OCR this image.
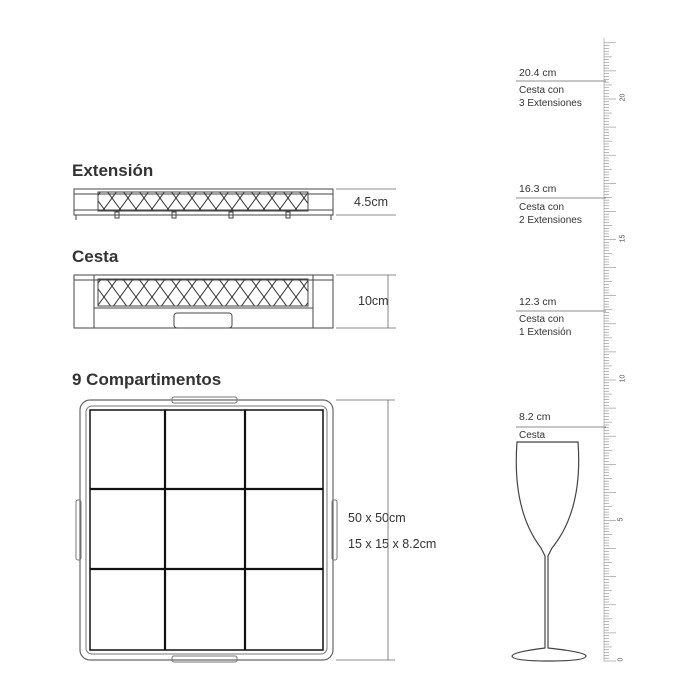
Extensión
Cesta
9 Compartimentos
4.5cm
10cm
50 x 50cm
15 x 15 x 8.2cm
20.4 cm
Cesta con
3 Extensiones
16.3 cm
Cesta con
2 Extensiones
12.3 cm
Cesta con
1 Extensión
8.2 cm
Cesta
0
5
10
15
20
